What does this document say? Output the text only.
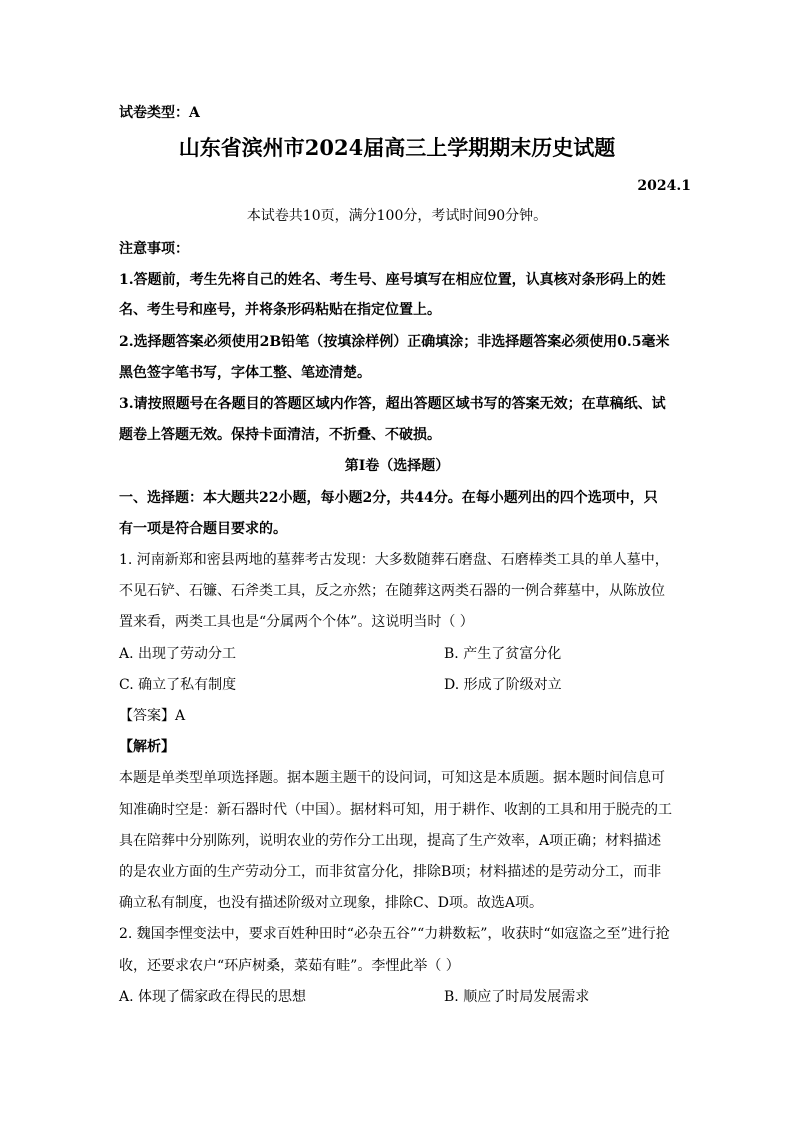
试卷类型：A
山东省滨州市2024届高三上学期期末历史试题
2024.1
本试卷共10页，满分100分，考试时间90分钟。
注意事项：
1.答题前，考生先将自己的姓名、考生号、座号填写在相应位置，认真核对条形码上的姓
名、考生号和座号，并将条形码粘贴在指定位置上。
2.选择题答案必须使用2B铅笔（按填涂样例）正确填涂；非选择题答案必须使用0.5毫米
黑色签字笔书写，字体工整、笔迹清楚。
3.请按照题号在各题目的答题区域内作答，超出答题区域书写的答案无效；在草稿纸、试
题卷上答题无效。保持卡面清洁，不折叠、不破损。
第Ⅰ卷（选择题）
一、选择题：本大题共22小题，每小题2分，共44分。在每小题列出的四个选项中，只
有一项是符合题目要求的。
1. 河南新郑和密县两地的墓葬考古发现：大多数随葬石磨盘、石磨棒类工具的单人墓中，
不见石铲、石镰、石斧类工具，反之亦然；在随葬这两类石器的一例合葬墓中，从陈放位
置来看，两类工具也是“分属两个个体”。这说明当时（ ）
A. 出现了劳动分工	B. 产生了贫富分化
C. 确立了私有制度	D. 形成了阶级对立
【答案】A
【解析】
本题是单类型单项选择题。据本题主题干的设问词，可知这是本质题。据本题时间信息可
知准确时空是：新石器时代（中国）。据材料可知，用于耕作、收割的工具和用于脱壳的工
具在陪葬中分别陈列，说明农业的劳作分工出现，提高了生产效率，A项正确；材料描述
的是农业方面的生产劳动分工，而非贫富分化，排除B项；材料描述的是劳动分工，而非
确立私有制度，也没有描述阶级对立现象，排除C、D项。故选A项。
2. 魏国李悝变法中，要求百姓种田时“必杂五谷”“力耕数耘”，收获时“如寇盗之至”进行抢
收，还要求农户“环庐树桑，菜茹有畦”。李悝此举（ ）
A. 体现了儒家政在得民的思想	B. 顺应了时局发展需求
